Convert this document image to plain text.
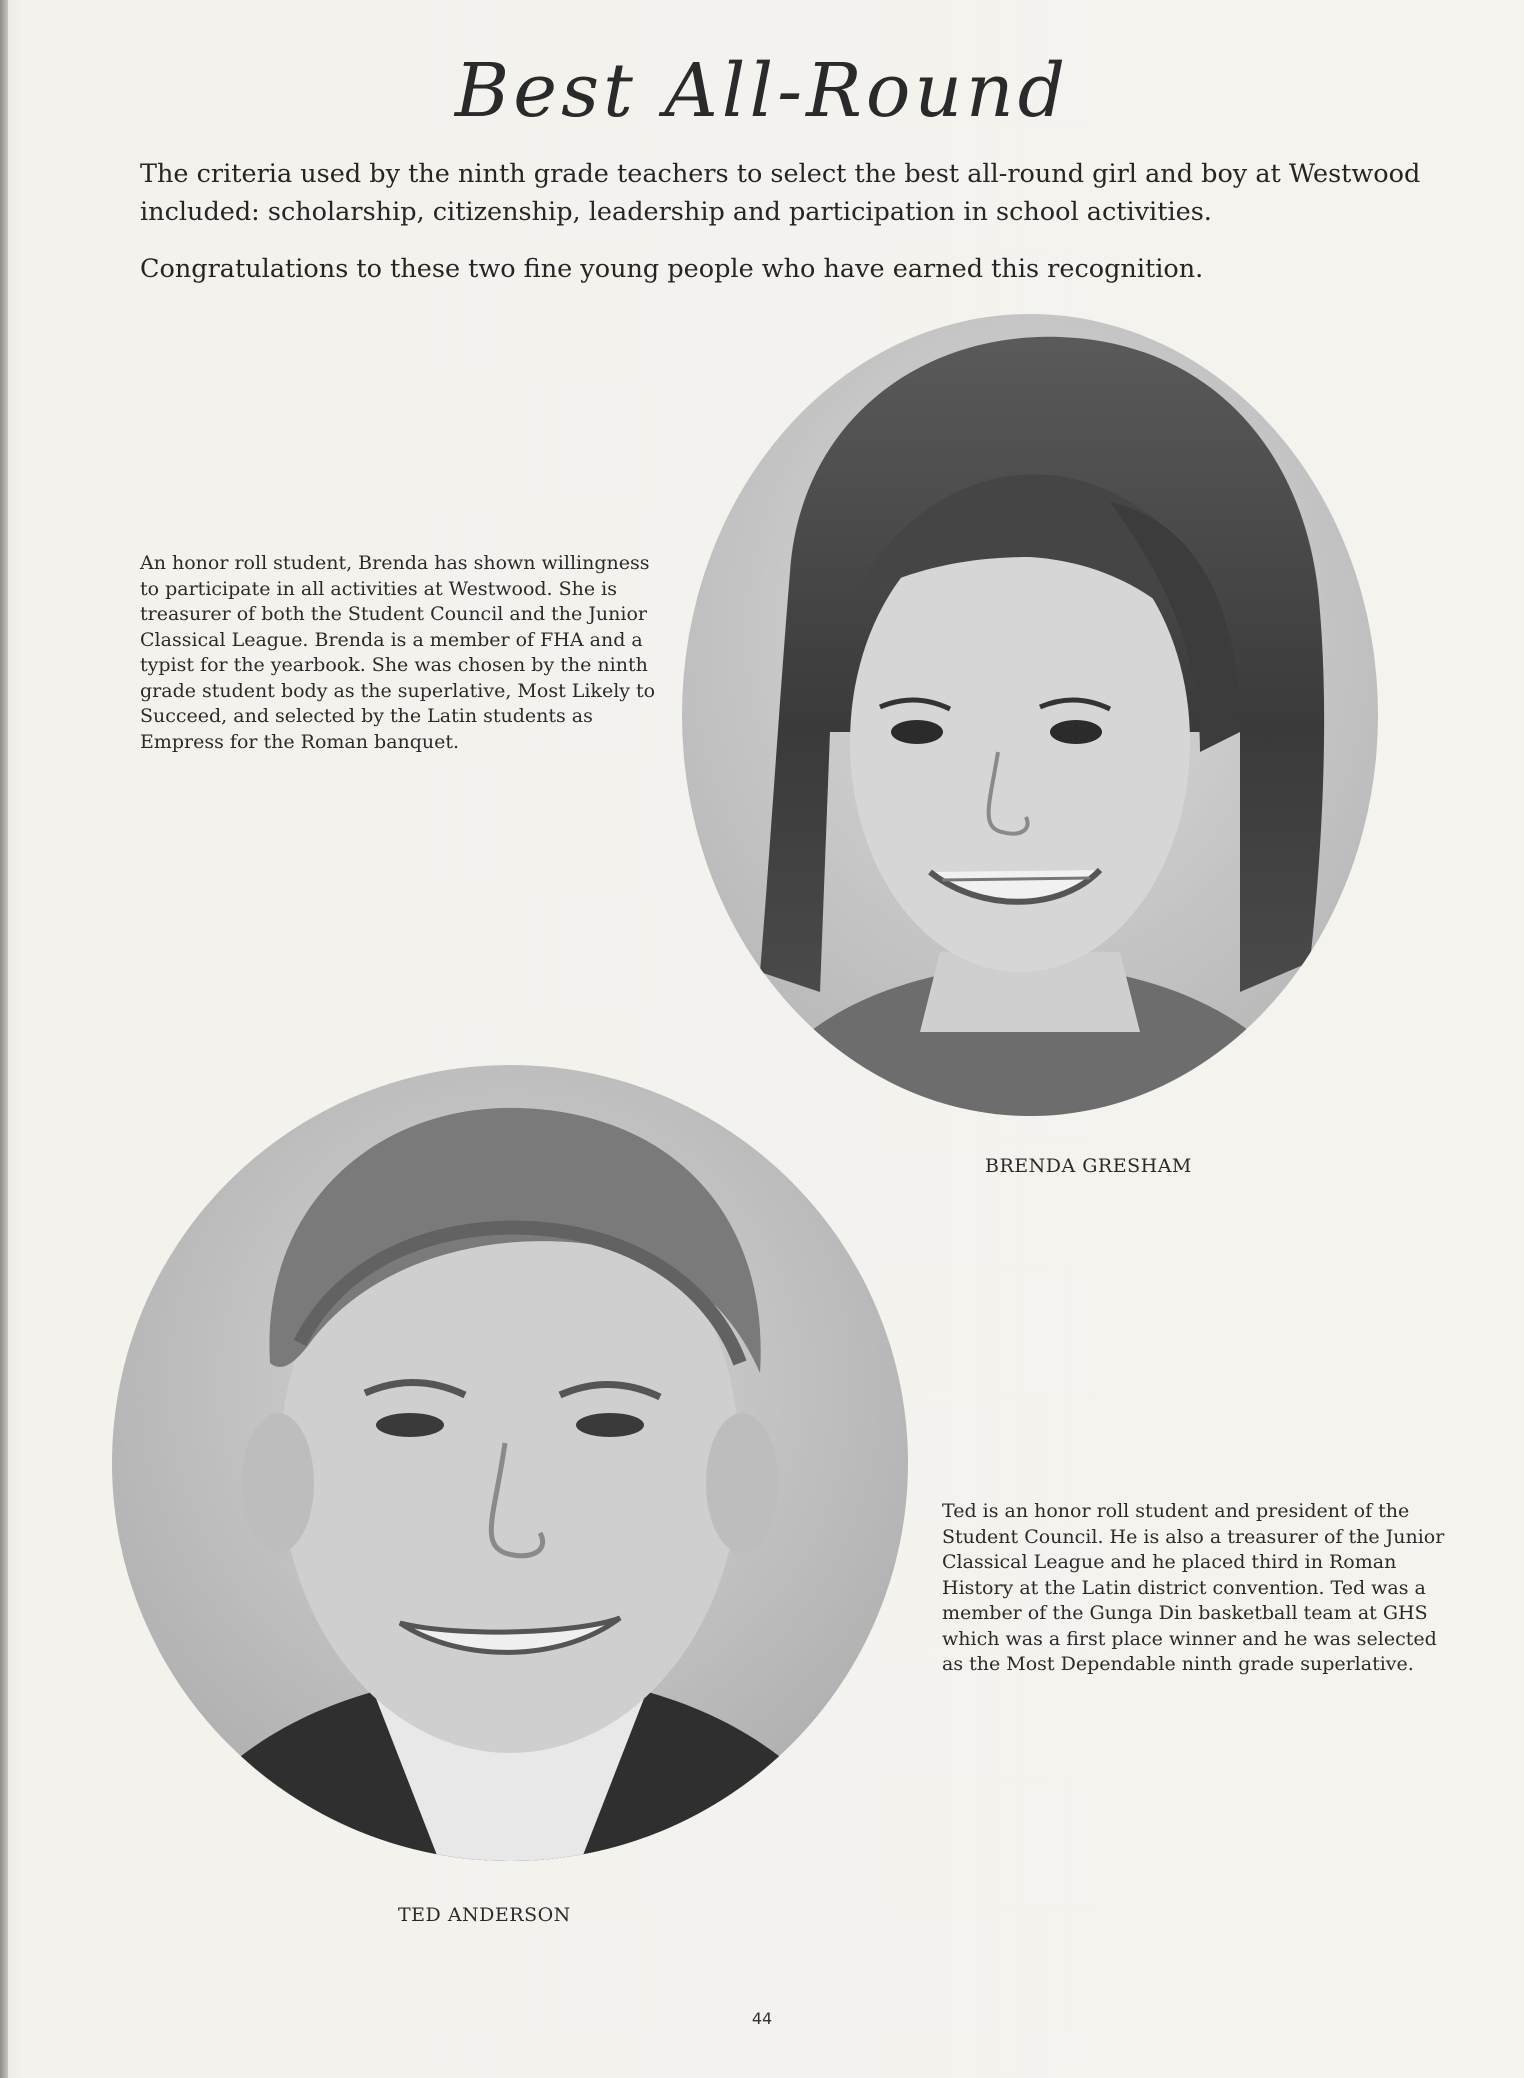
Best All-Round

The criteria used by the ninth grade teachers to select the best all-round girl and boy at Westwood included: scholarship, citizenship, leadership and participation in school activities.

Congratulations to these two fine young people who have earned this recognition.

An honor roll student, Brenda has shown willingness to participate in all activities at Westwood. She is treasurer of both the Student Council and the Junior Classical League. Brenda is a member of FHA and a typist for the yearbook. She was chosen by the ninth grade student body as the superlative, Most Likely to Succeed, and selected by the Latin students as Empress for the Roman banquet.

BRENDA GRESHAM

Ted is an honor roll student and president of the Student Council. He is also a treasurer of the Junior Classical League and he placed third in Roman History at the Latin district convention. Ted was a member of the Gunga Din basketball team at GHS which was a first place winner and he was selected as the Most Dependable ninth grade superlative.

TED ANDERSON

44
